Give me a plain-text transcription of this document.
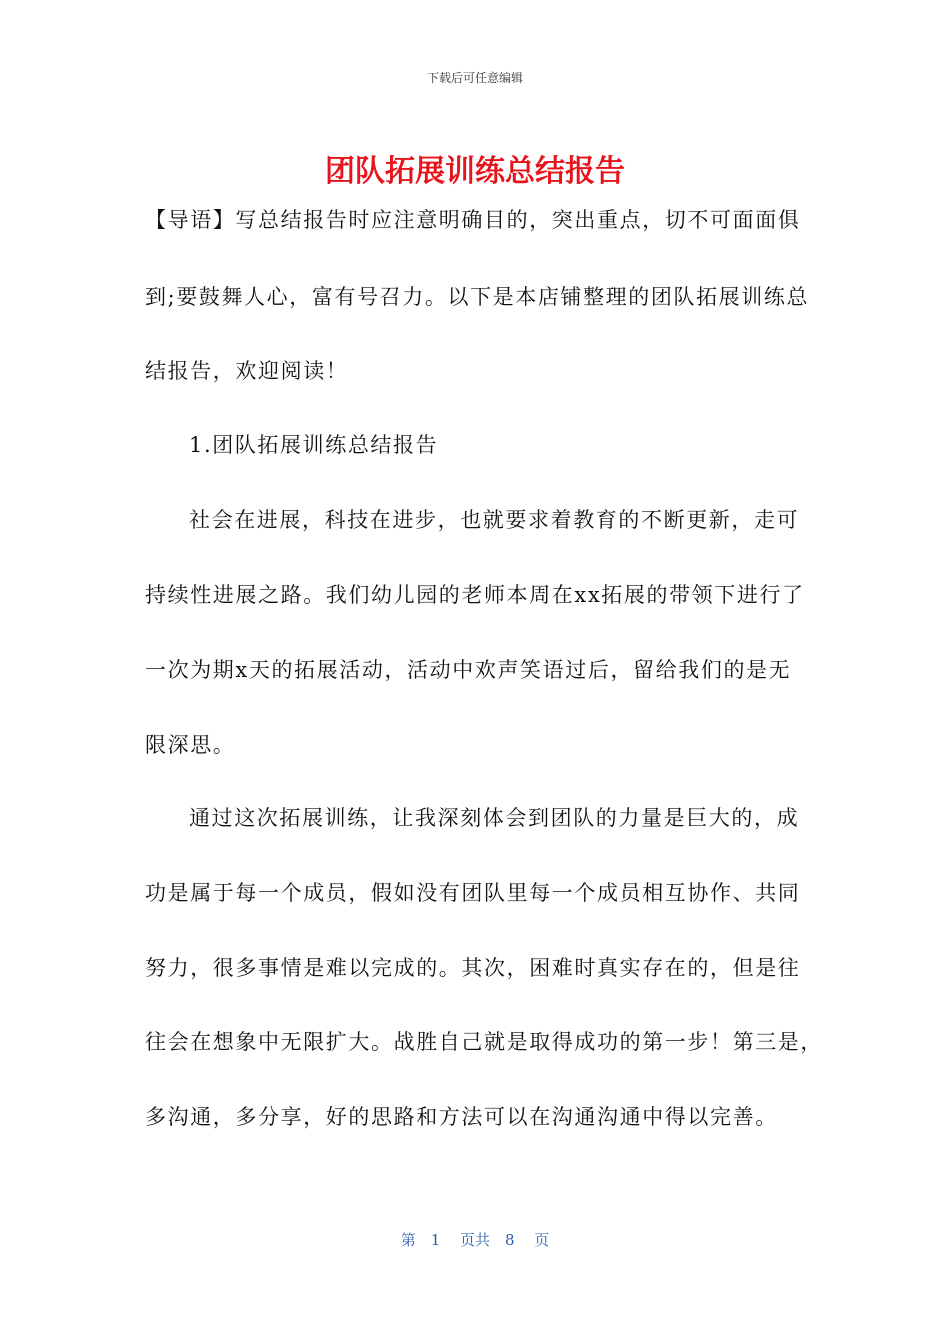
下载后可任意编辑
团队拓展训练总结报告
【导语】写总结报告时应注意明确目的，突出重点，切不可面面俱
到;要鼓舞人心，富有号召力。以下是本店铺整理的团队拓展训练总
结报告，欢迎阅读！
1.团队拓展训练总结报告
社会在进展，科技在进步，也就要求着教育的不断更新，走可
持续性进展之路。我们幼儿园的老师本周在xx拓展的带领下进行了
一次为期x天的拓展活动，活动中欢声笑语过后，留给我们的是无
限深思。
通过这次拓展训练，让我深刻体会到团队的力量是巨大的，成
功是属于每一个成员，假如没有团队里每一个成员相互协作、共同
努力，很多事情是难以完成的。其次，困难时真实存在的，但是往
往会在想象中无限扩大。战胜自己就是取得成功的第一步！第三是，
多沟通，多分享，好的思路和方法可以在沟通沟通中得以完善。
第　1　 页共　8　 页
